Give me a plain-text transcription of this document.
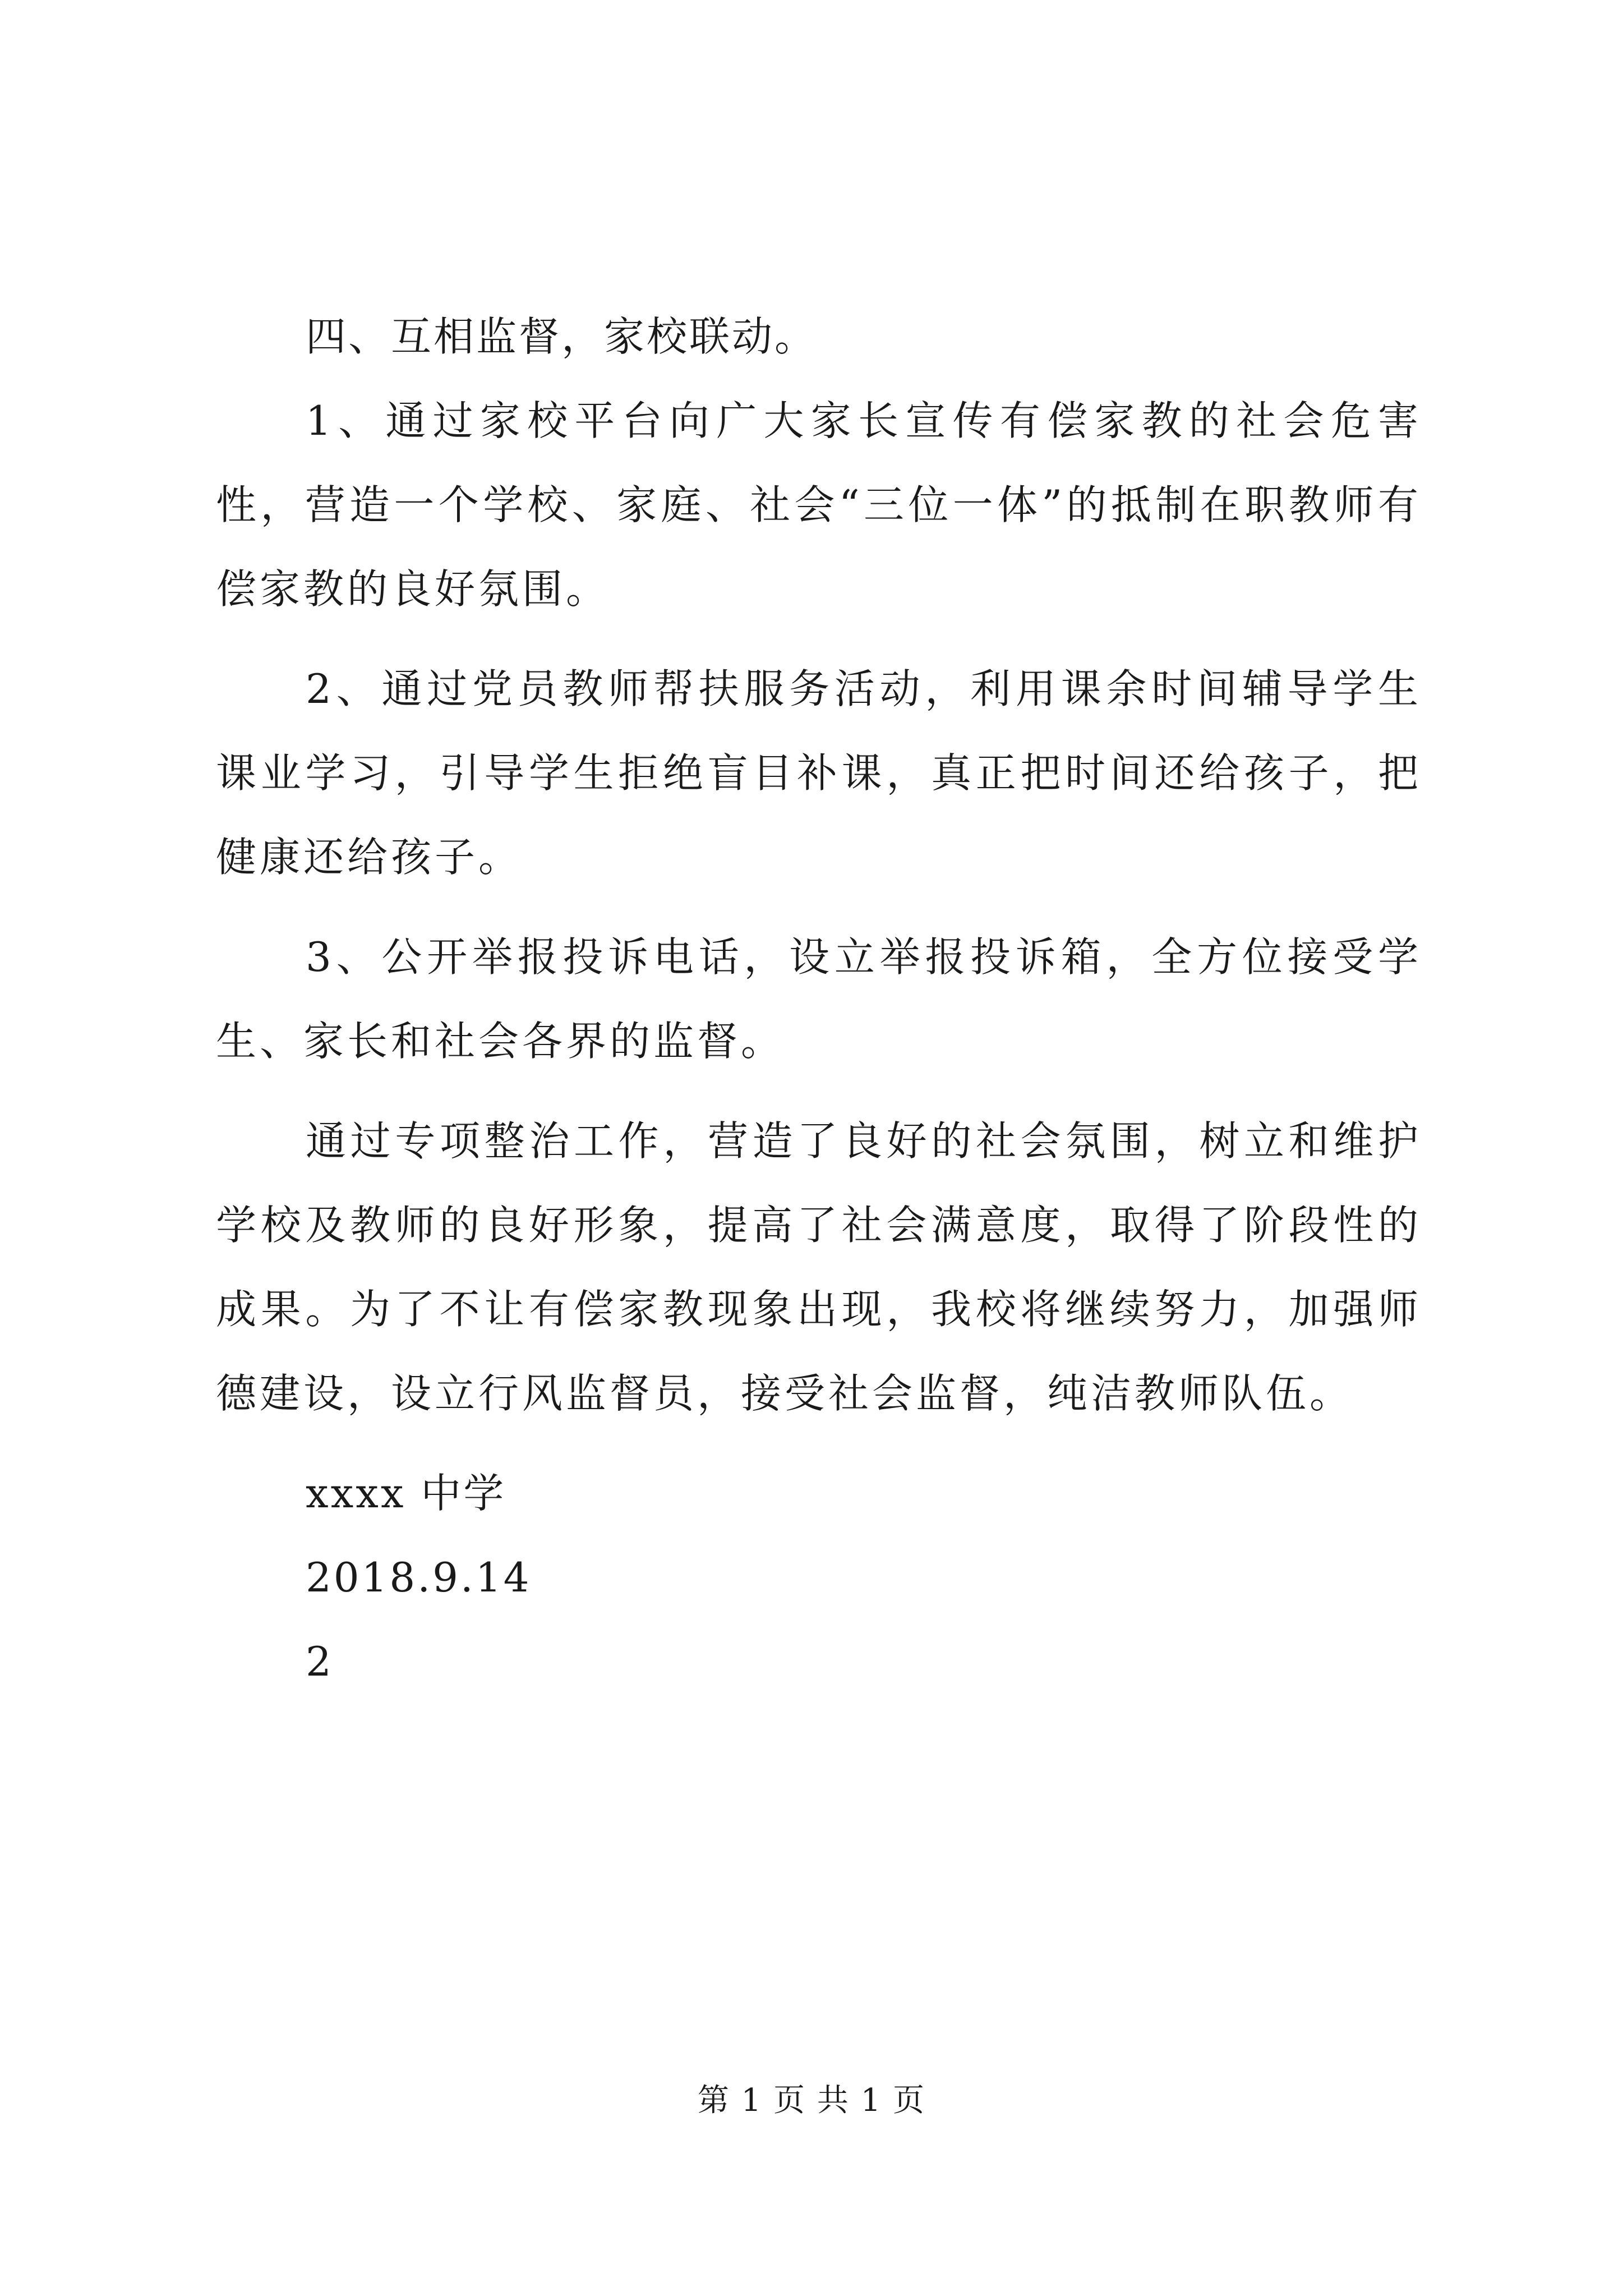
四、互相监督，家校联动。

1、通过家校平台向广大家长宣传有偿家教的社会危害性，营造一个学校、家庭、社会“三位一体”的抵制在职教师有偿家教的良好氛围。

2、通过党员教师帮扶服务活动，利用课余时间辅导学生课业学习，引导学生拒绝盲目补课，真正把时间还给孩子，把健康还给孩子。

3、公开举报投诉电话，设立举报投诉箱，全方位接受学生、家长和社会各界的监督。

通过专项整治工作，营造了良好的社会氛围，树立和维护学校及教师的良好形象，提高了社会满意度，取得了阶段性的成果。为了不让有偿家教现象出现，我校将继续努力，加强师德建设，设立行风监督员，接受社会监督，纯洁教师队伍。

xxxx 中学

2018.9.14

2

第 1 页 共 1 页
